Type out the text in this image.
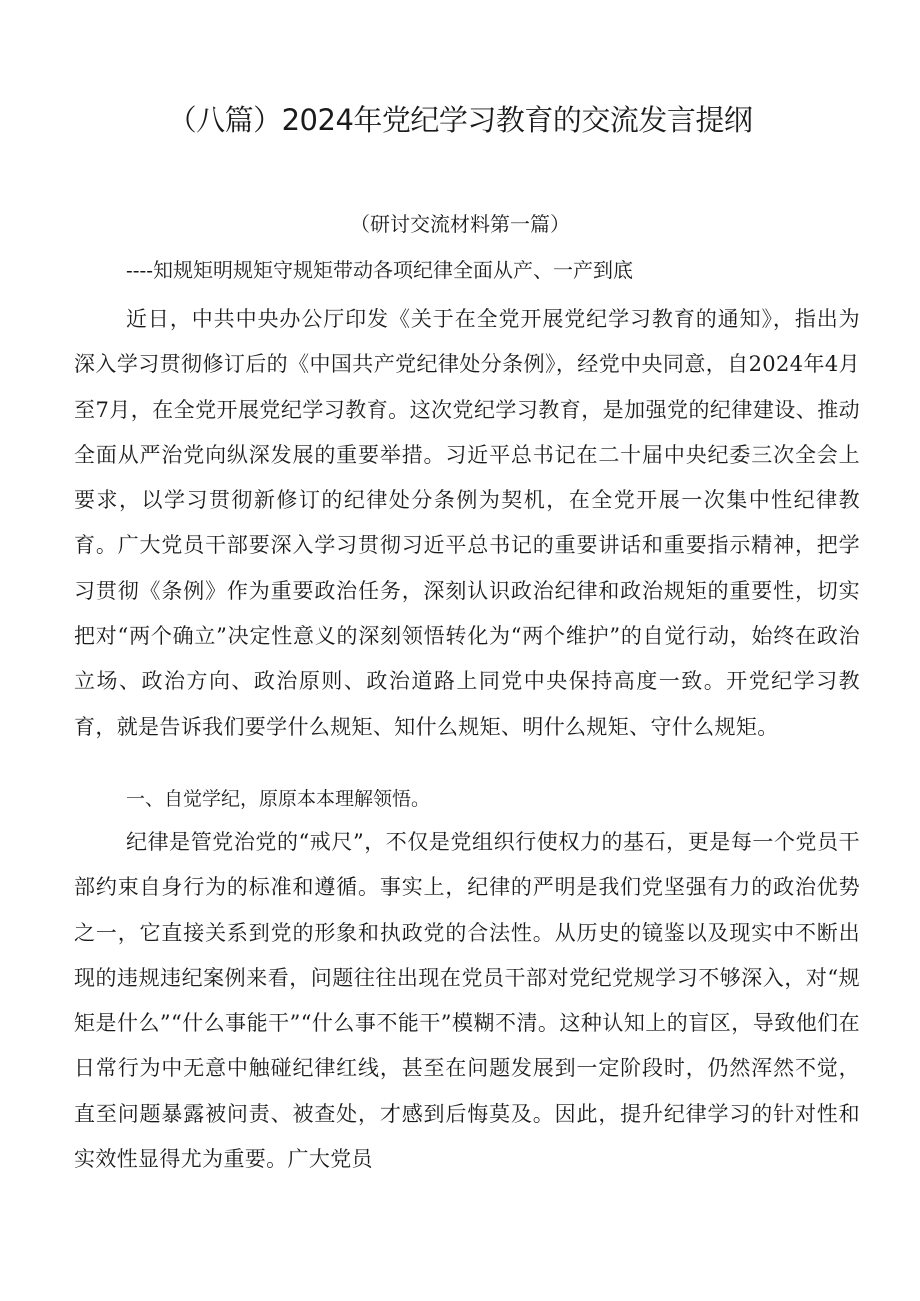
（八篇）2024年党纪学习教育的交流发言提纲

（研讨交流材料第一篇）

----知规矩明规矩守规矩带动各项纪律全面从产、一产到底

近日，中共中央办公厅印发《关于在全党开展党纪学习教育的通知》，指出为深入学习贯彻修订后的《中国共产党纪律处分条例》，经党中央同意，自2024年4月至7月，在全党开展党纪学习教育。这次党纪学习教育，是加强党的纪律建设、推动全面从严治党向纵深发展的重要举措。习近平总书记在二十届中央纪委三次全会上要求，以学习贯彻新修订的纪律处分条例为契机，在全党开展一次集中性纪律教育。广大党员干部要深入学习贯彻习近平总书记的重要讲话和重要指示精神，把学习贯彻《条例》作为重要政治任务，深刻认识政治纪律和政治规矩的重要性，切实把对“两个确立”决定性意义的深刻领悟转化为“两个维护”的自觉行动，始终在政治立场、政治方向、政治原则、政治道路上同党中央保持高度一致。开党纪学习教育，就是告诉我们要学什么规矩、知什么规矩、明什么规矩、守什么规矩。

一、自觉学纪，原原本本理解领悟。

纪律是管党治党的“戒尺”，不仅是党组织行使权力的基石，更是每一个党员干部约束自身行为的标准和遵循。事实上，纪律的严明是我们党坚强有力的政治优势之一，它直接关系到党的形象和执政党的合法性。从历史的镜鉴以及现实中不断出现的违规违纪案例来看，问题往往出现在党员干部对党纪党规学习不够深入，对“规矩是什么”“什么事能干”“什么事不能干”模糊不清。这种认知上的盲区，导致他们在日常行为中无意中触碰纪律红线，甚至在问题发展到一定阶段时，仍然浑然不觉，直至问题暴露被问责、被查处，才感到后悔莫及。因此，提升纪律学习的针对性和实效性显得尤为重要。广大党员
